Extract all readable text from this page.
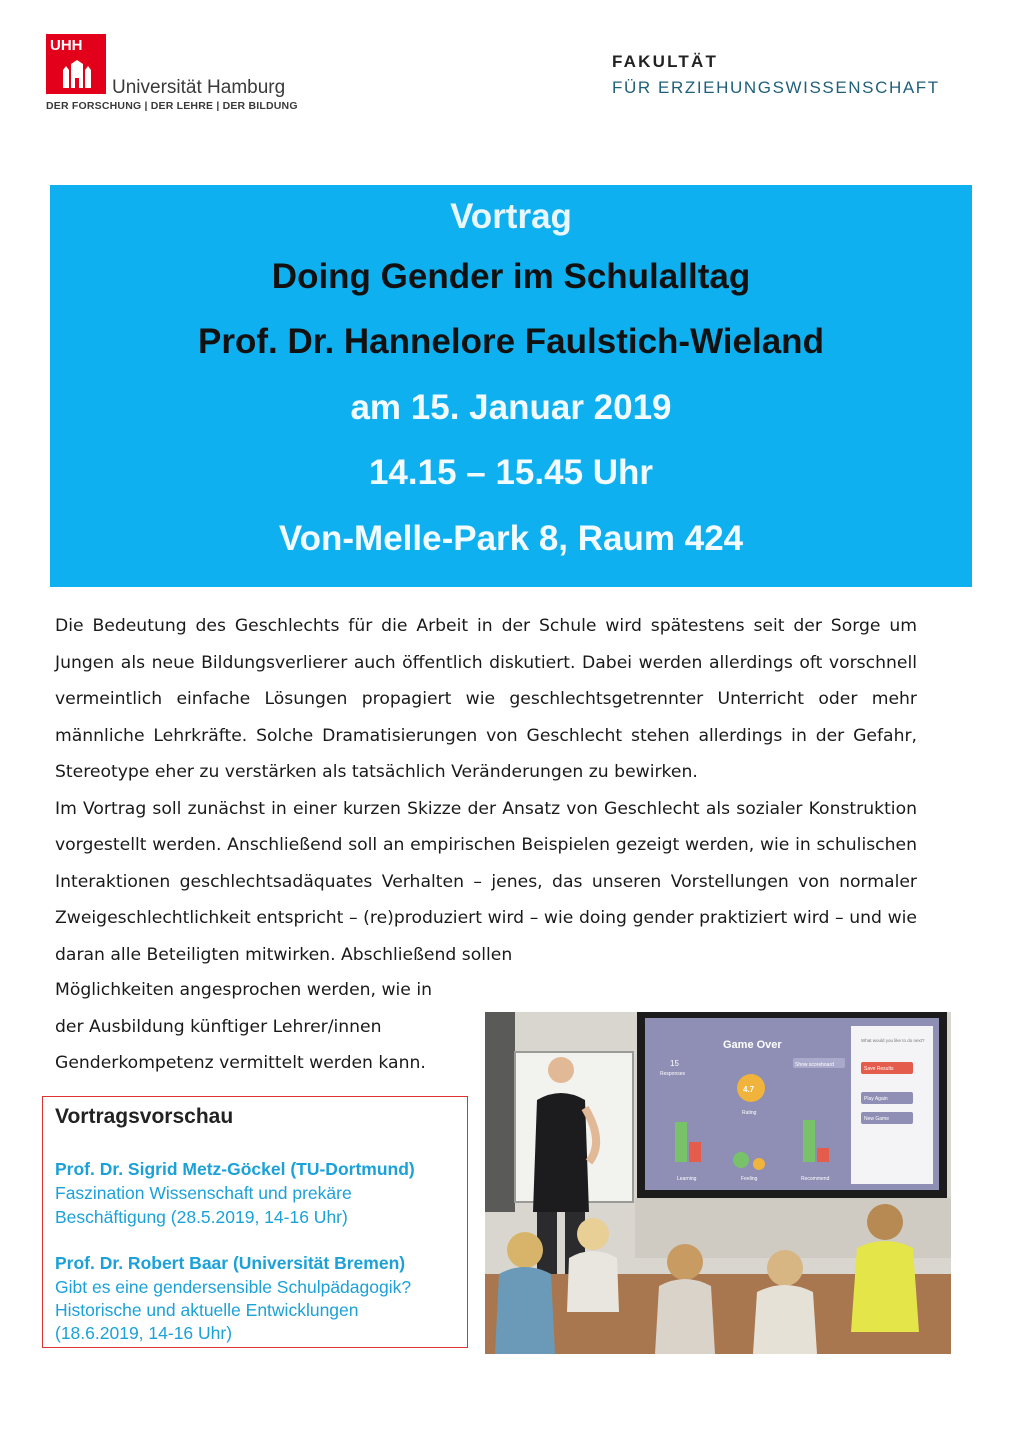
UHH
Universität Hamburg
DER FORSCHUNG | DER LEHRE | DER BILDUNG
FAKULTÄT
FÜR ERZIEHUNGSWISSENSCHAFT
Vortrag
Doing Gender im Schulalltag
Prof. Dr. Hannelore Faulstich-Wieland
am 15. Januar 2019
14.15 – 15.45 Uhr
Von-Melle-Park 8, Raum 424

Die Bedeutung des Geschlechts für die Arbeit in der Schule wird spätestens seit der Sorge um Jungen als neue Bildungsverlierer auch öffentlich diskutiert. Dabei werden allerdings oft vorschnell vermeintlich einfache Lösungen propagiert wie geschlechtsgetrennter Unterricht oder mehr männliche Lehrkräfte. Solche Dramatisierungen von Geschlecht stehen allerdings in der Gefahr, Stereotype eher zu verstärken als tatsächlich Veränderungen zu bewirken.

Im Vortrag soll zunächst in einer kurzen Skizze der Ansatz von Geschlecht als sozialer Konstruktion vorgestellt werden. Anschließend soll an empirischen Beispielen gezeigt werden, wie in schulischen Interaktionen geschlechtsadäquates Verhalten – jenes, das unseren Vorstellungen von normaler Zweigeschlechtlichkeit entspricht – (re)produziert wird – wie doing gender praktiziert wird – und wie daran alle Beteiligten mitwirken. Abschließend sollen

Möglichkeiten angesprochen werden, wie in
der Ausbildung künftiger Lehrer/innen
Genderkompetenz vermittelt werden kann.
Vortragsvorschau
Prof. Dr. Sigrid Metz-Göckel (TU-Dortmund)
Faszination Wissenschaft und prekäre
Beschäftigung (28.5.2019, 14-16 Uhr)
Prof. Dr. Robert Baar (Universität Bremen)
Gibt es eine gendersensible Schulpädagogik?
Historische und aktuelle Entwicklungen
(18.6.2019, 14-16 Uhr)
Game Over
15
Responses
Show scoreboard
4.7
Rating
Learning	Feeling	Recommend
What would you like to do next?
Save Results
Play Again
New Game
